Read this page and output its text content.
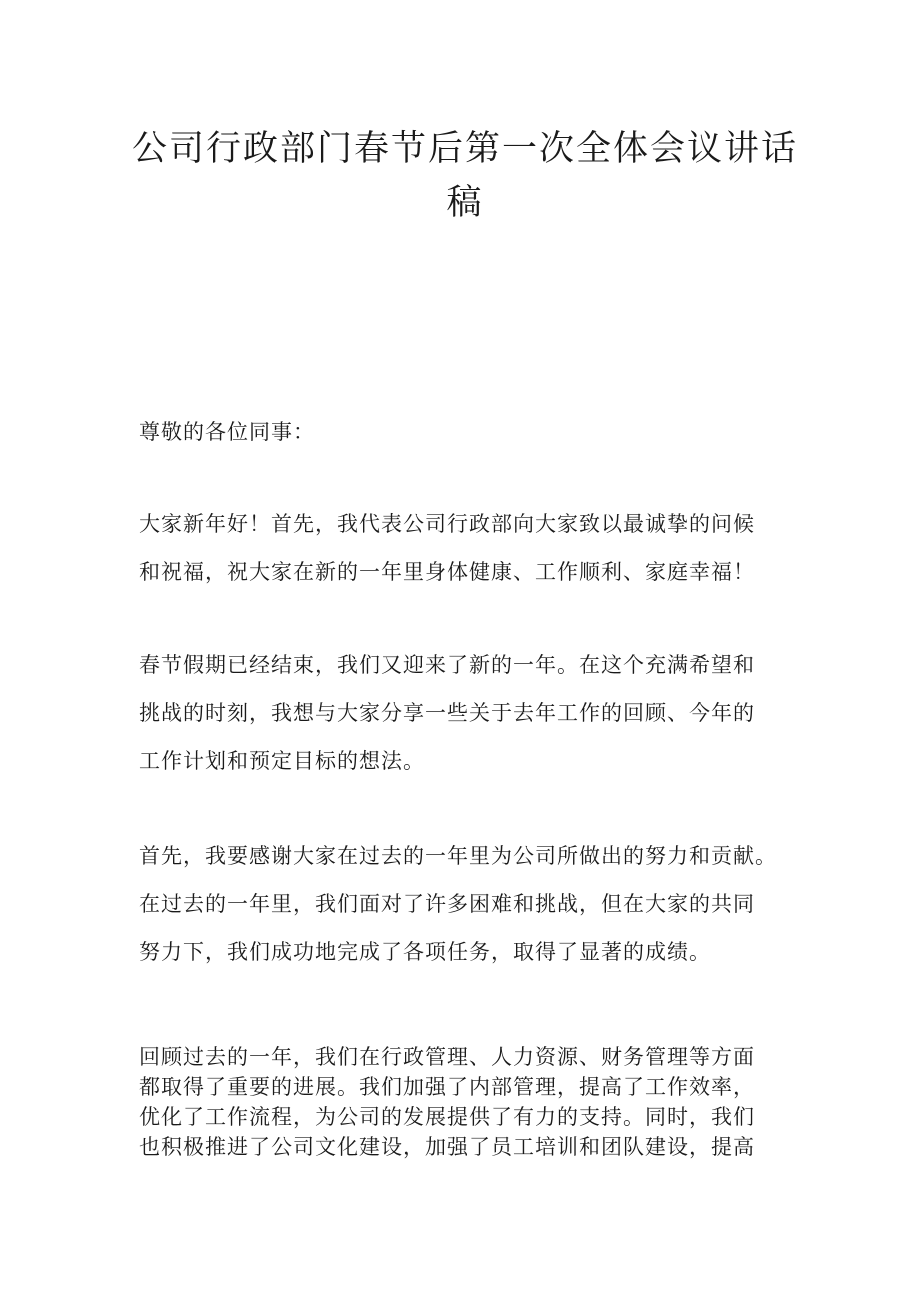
公司行政部门春节后第一次全体会议讲话
稿

尊敬的各位同事：

大家新年好！首先，我代表公司行政部向大家致以最诚挚的问候
和祝福，祝大家在新的一年里身体健康、工作顺利、家庭幸福！

春节假期已经结束，我们又迎来了新的一年。在这个充满希望和
挑战的时刻，我想与大家分享一些关于去年工作的回顾、今年的
工作计划和预定目标的想法。

首先，我要感谢大家在过去的一年里为公司所做出的努力和贡献。
在过去的一年里，我们面对了许多困难和挑战，但在大家的共同
努力下，我们成功地完成了各项任务，取得了显著的成绩。

回顾过去的一年，我们在行政管理、人力资源、财务管理等方面
都取得了重要的进展。我们加强了内部管理，提高了工作效率，
优化了工作流程，为公司的发展提供了有力的支持。同时，我们
也积极推进了公司文化建设，加强了员工培训和团队建设，提高
